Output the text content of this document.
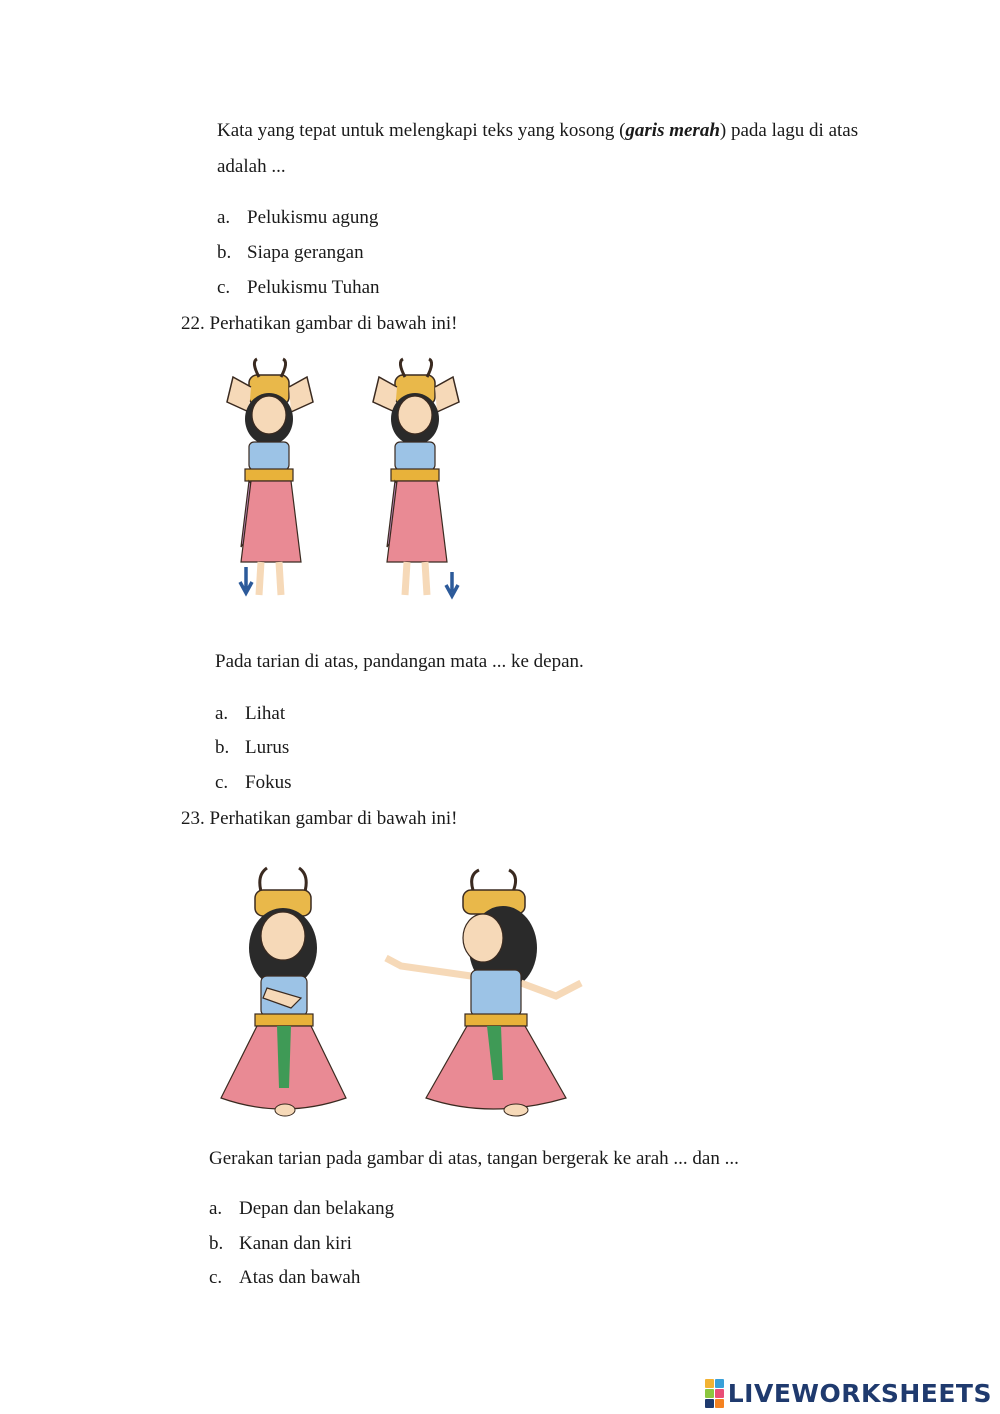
Kata yang tepat untuk melengkapi teks yang kosong (garis merah) pada lagu di atas adalah ...
a. Pelukismu agung
b. Siapa gerangan
c. Pelukismu Tuhan
22. Perhatikan gambar di bawah ini!
Pada tarian di atas, pandangan mata ... ke depan.
a. Lihat
b. Lurus
c. Fokus
23. Perhatikan gambar di bawah ini!
Gerakan tarian pada gambar di atas, tangan bergerak ke arah ... dan ...
a. Depan dan belakang
b. Kanan dan kiri
c. Atas dan bawah
LIVEWORKSHEETS
